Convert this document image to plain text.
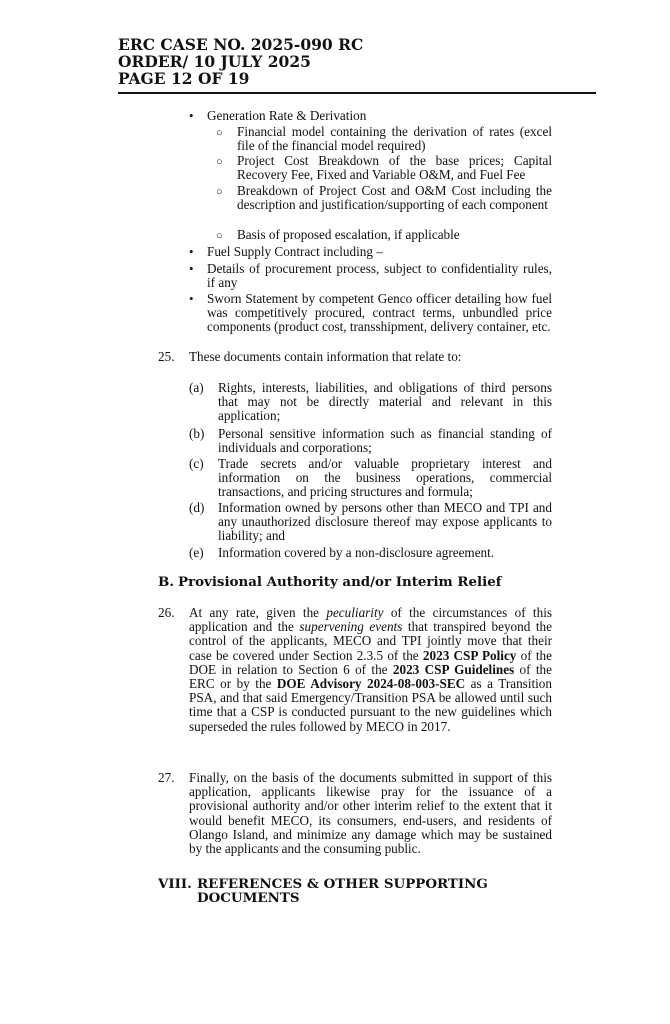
ERC CASE NO. 2025-090 RC
ORDER/ 10 JULY 2025
PAGE 12 OF 19
• Generation Rate & Derivation
○ Financial model containing the derivation of rates (excel file of the financial model required)
○ Project Cost Breakdown of the base prices; Capital Recovery Fee, Fixed and Variable O&M, and Fuel Fee
○ Breakdown of Project Cost and O&M Cost including the description and justification/supporting of each component
○ Basis of proposed escalation, if applicable
• Fuel Supply Contract including –
• Details of procurement process, subject to confidentiality rules, if any
• Sworn Statement by competent Genco officer detailing how fuel was competitively procured, contract terms, unbundled price components (product cost, transshipment, delivery container, etc.
25. These documents contain information that relate to:
(a) Rights, interests, liabilities, and obligations of third persons that may not be directly material and relevant in this application;
(b) Personal sensitive information such as financial standing of individuals and corporations;
(c) Trade secrets and/or valuable proprietary interest and information on the business operations, commercial transactions, and pricing structures and formula;
(d) Information owned by persons other than MECO and TPI and any unauthorized disclosure thereof may expose applicants to liability; and
(e) Information covered by a non-disclosure agreement.
B. Provisional Authority and/or Interim Relief
26. At any rate, given the peculiarity of the circumstances of this application and the supervening events that transpired beyond the control of the applicants, MECO and TPI jointly move that their case be covered under Section 2.3.5 of the 2023 CSP Policy of the DOE in relation to Section 6 of the 2023 CSP Guidelines of the ERC or by the DOE Advisory 2024-08-003-SEC as a Transition PSA, and that said Emergency/Transition PSA be allowed until such time that a CSP is conducted pursuant to the new guidelines which superseded the rules followed by MECO in 2017.
27. Finally, on the basis of the documents submitted in support of this application, applicants likewise pray for the issuance of a provisional authority and/or other interim relief to the extent that it would benefit MECO, its consumers, end-users, and residents of Olango Island, and minimize any damage which may be sustained by the applicants and the consuming public.
VIII. REFERENCES & OTHER SUPPORTING
DOCUMENTS
